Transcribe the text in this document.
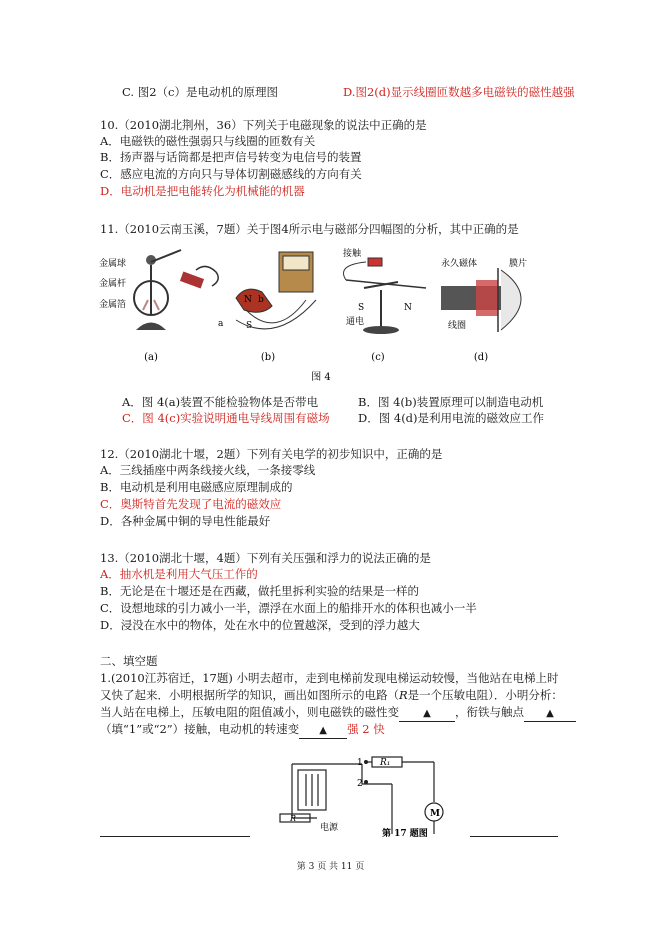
C. 图2（c）是电动机的原理图	D.图2(d)显示线圈匝数越多电磁铁的磁性越强
10.（2010湖北荆州，36）下列关于电磁现象的说法中正确的是
A．电磁铁的磁性强弱只与线圈的匝数有关
B．扬声器与话筒都是把声信号转变为电信号的装置
C．感应电流的方向只与导体切割磁感线的方向有关
D．电动机是把电能转化为机械能的机器
11.（2010云南玉溪，7题）关于图4所示电与磁部分四幅图的分析，其中正确的是
金属球
金属杆
金属箔	N b
S
a
接触
S	N
通电
永久磁体	膜片
线圈
(a)	(b)	(c)	(d)
图 4
A．图 4(a)装置不能检验物体是否带电	B．图 4(b)装置原理可以制造电动机
C．图 4(c)实验说明通电导线周围有磁场 D．图 4(d)是利用电流的磁效应工作
12.（2010湖北十堰，2题）下列有关电学的初步知识中，正确的是
A．三线插座中两条线接火线，一条接零线
B．电动机是利用电磁感应原理制成的
C．奥斯特首先发现了电流的磁效应
D．各种金属中铜的导电性能最好
13.（2010湖北十堰，4题）下列有关压强和浮力的说法正确的是
A．抽水机是利用大气压工作的
B．无论是在十堰还是在西藏，做托里拆利实验的结果是一样的
C．设想地球的引力减小一半，漂浮在水面上的船排开水的体积也减小一半
D．浸没在水中的物体，处在水中的位置越深，受到的浮力越大
二、填空题
1.(2010江苏宿迁，17题) 小明去超市，走到电梯前发现电梯运动较慢，当他站在电梯上时
又快了起来．小明根据所学的知识，画出如图所示的电路（R是一个压敏电阻）．小明分析：
当人站在电梯上，压敏电阻的阻值减小，则电磁铁的磁性变 ▲ ，衔铁与触点 ▲
（填“1”或“2”）接触，电动机的转速变 ▲ 强 2 快
1
2
R₁
M
R
电源
第 17 题图
第 3 页 共 11 页
